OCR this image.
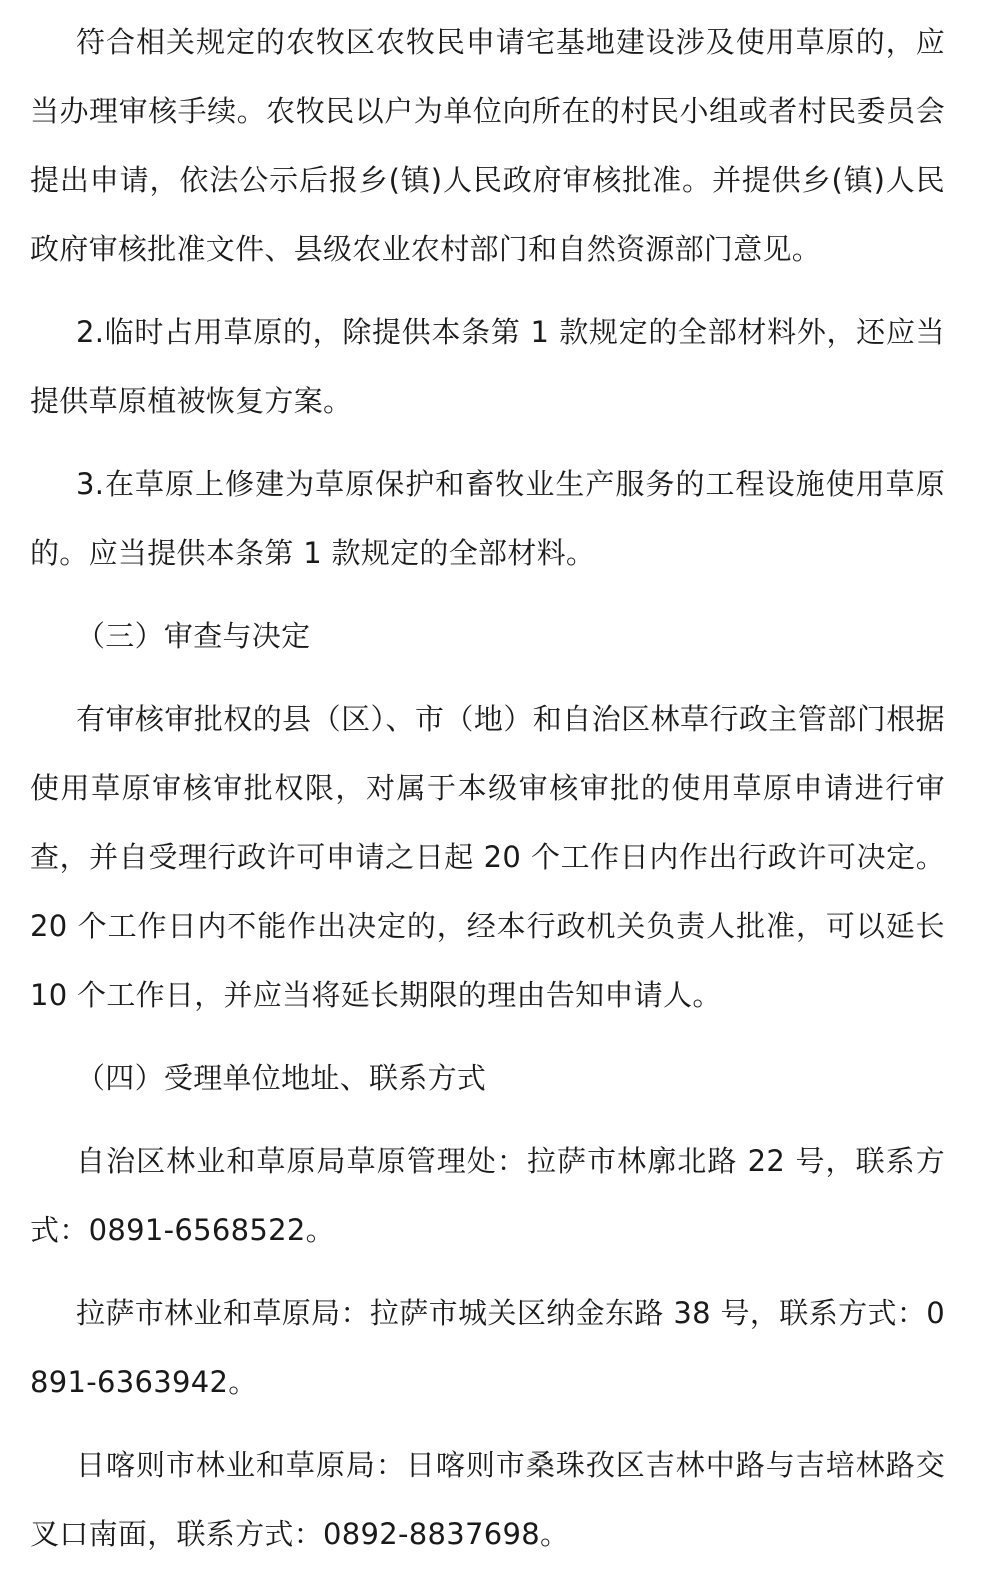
符合相关规定的农牧区农牧民申请宅基地建设涉及使用草原的，应当办理审核手续。农牧民以户为单位向所在的村民小组或者村民委员会提出申请，依法公示后报乡(镇)人民政府审核批准。并提供乡(镇)人民政府审核批准文件、县级农业农村部门和自然资源部门意见。

2.临时占用草原的，除提供本条第 1 款规定的全部材料外，还应当提供草原植被恢复方案。

3.在草原上修建为草原保护和畜牧业生产服务的工程设施使用草原的。应当提供本条第 1 款规定的全部材料。

（三）审查与决定

有审核审批权的县（区）、市（地）和自治区林草行政主管部门根据使用草原审核审批权限，对属于本级审核审批的使用草原申请进行审查，并自受理行政许可申请之日起 20 个工作日内作出行政许可决定。20 个工作日内不能作出决定的，经本行政机关负责人批准，可以延长 10 个工作日，并应当将延长期限的理由告知申请人。

（四）受理单位地址、联系方式

自治区林业和草原局草原管理处：拉萨市林廓北路 22 号，联系方式：0891-6568522。

拉萨市林业和草原局：拉萨市城关区纳金东路 38 号，联系方式：0891-6363942。

日喀则市林业和草原局：日喀则市桑珠孜区吉林中路与吉培林路交叉口南面，联系方式：0892-8837698。
